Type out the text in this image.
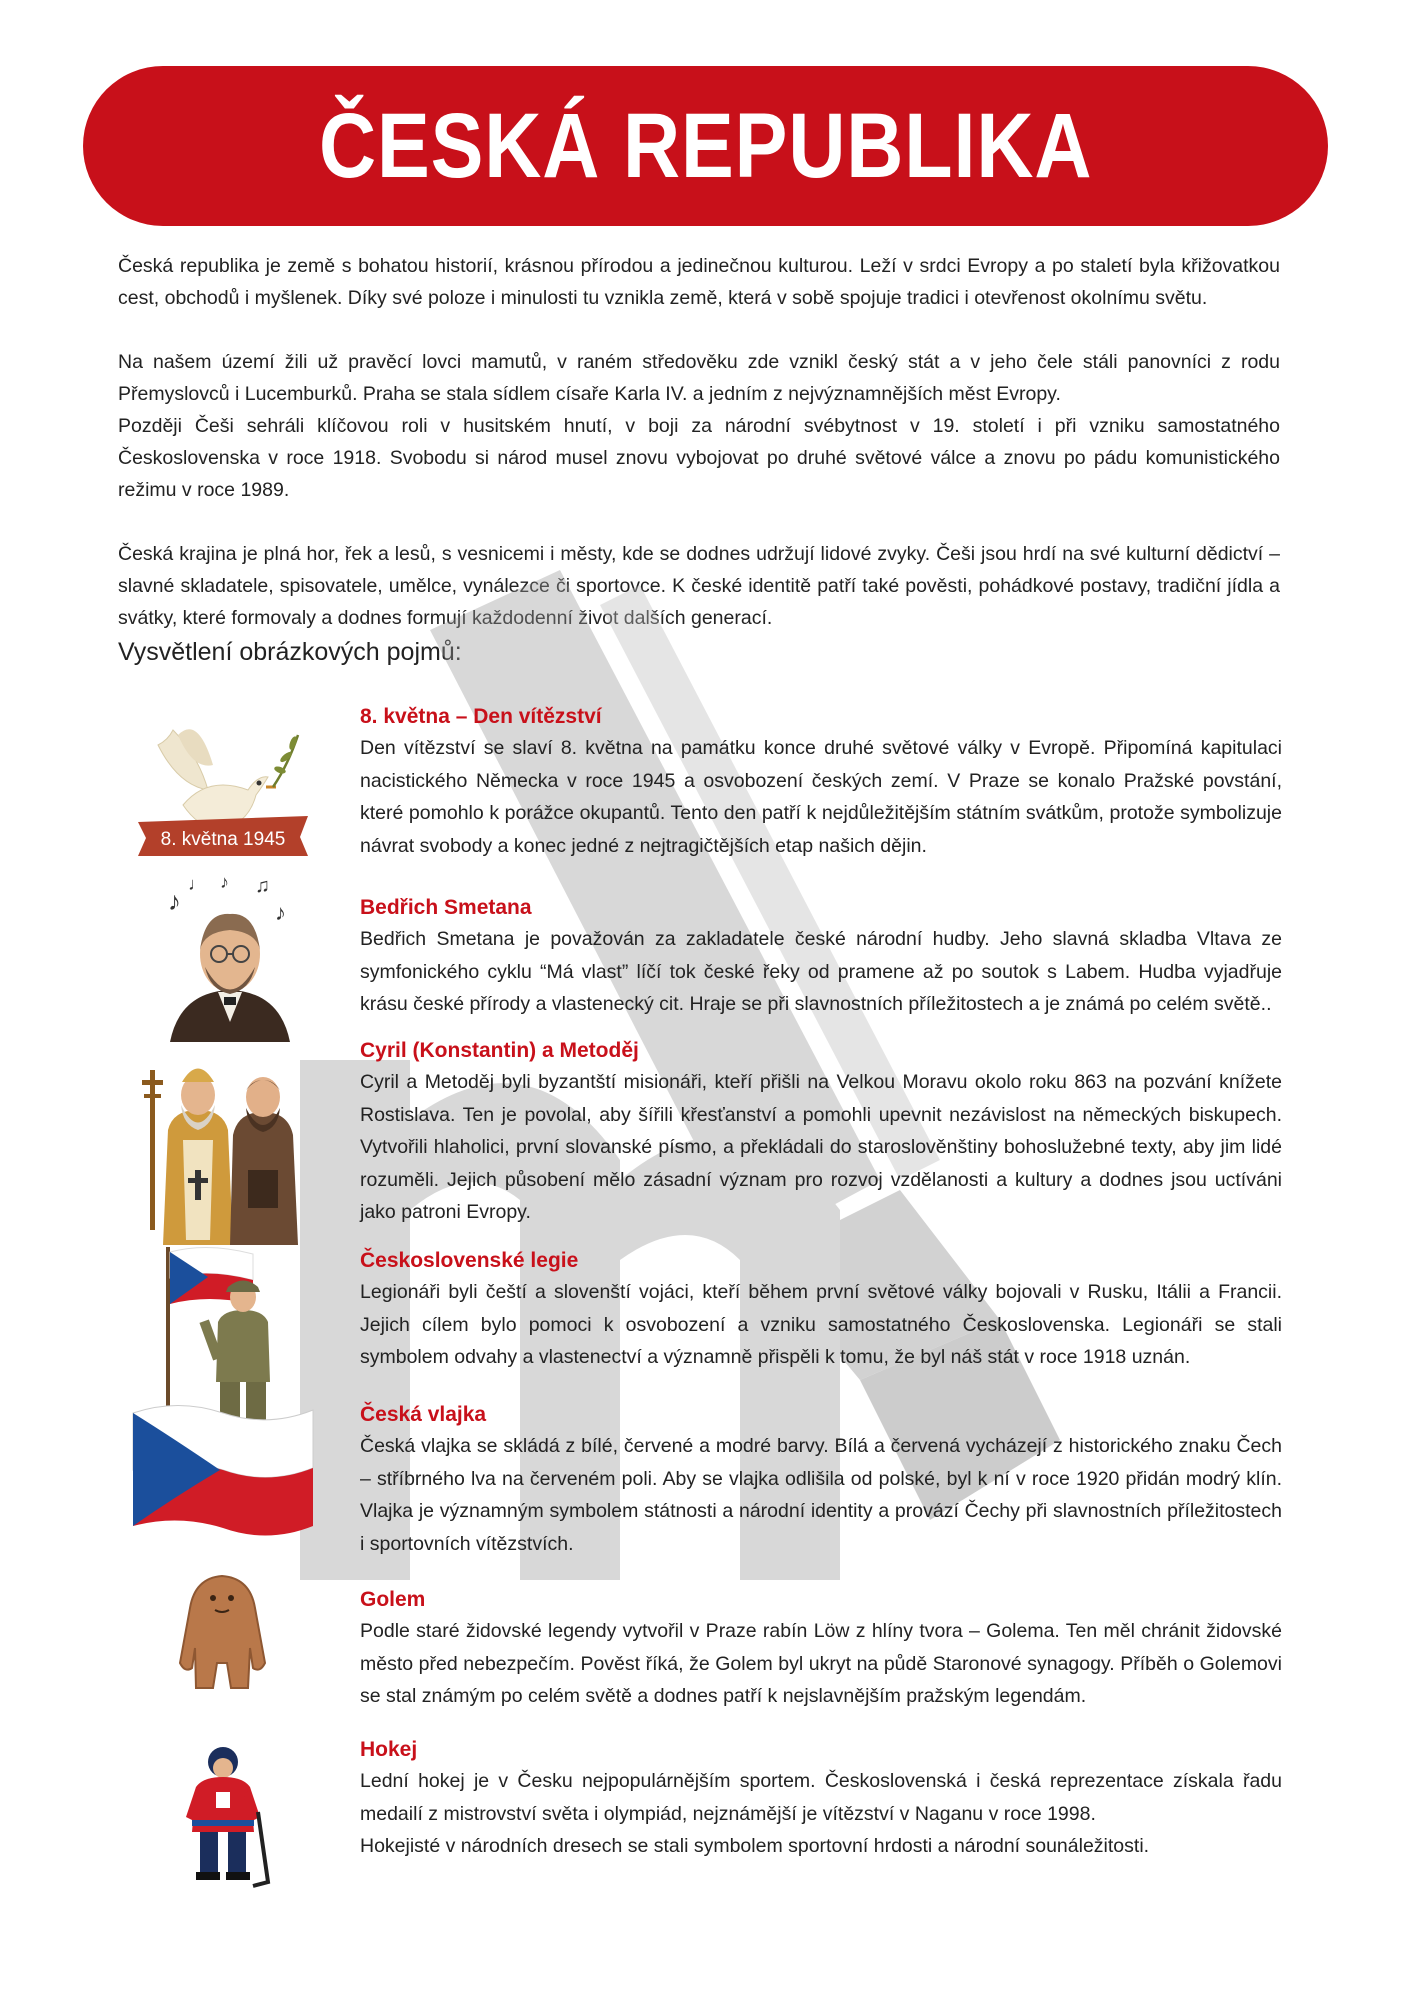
ČESKÁ REPUBLIKA

Česká republika je země s bohatou historií, krásnou přírodou a jedinečnou kulturou. Leží v srdci Evropy a po staletí byla křižovatkou cest, obchodů i myšlenek. Díky své poloze i minulosti tu vznikla země, která v sobě spojuje tradici i otevřenost okolnímu světu.

Na našem území žili už pravěcí lovci mamutů, v raném středověku zde vznikl český stát a v jeho čele stáli panovníci z rodu Přemyslovců i Lucemburků. Praha se stala sídlem císaře Karla IV. a jedním z nejvýznamnějších měst Evropy.

Později Češi sehráli klíčovou roli v husitském hnutí, v boji za národní svébytnost v 19. století i při vzniku samostatného Československa v roce 1918. Svobodu si národ musel znovu vybojovat po druhé světové válce a znovu po pádu komunistického režimu v roce 1989.

Česká krajina je plná hor, řek a lesů, s vesnicemi i městy, kde se dodnes udržují lidové zvyky. Češi jsou hrdí na své kulturní dědictví – slavné skladatele, spisovatele, umělce, vynálezce či sportovce. K české identitě patří také pověsti, pohádkové postavy, tradiční jídla a svátky, které formovaly a dodnes formují každodenní život dalších generací.

Vysvětlení obrázkových pojmů:
8. května 1945
♪
♩ ♪ ♫
♪
8. května – Den vítězství

Den vítězství se slaví 8. května na památku konce druhé světové války v Evropě. Připomíná kapitulaci nacistického Německa v roce 1945 a osvobození českých zemí. V Praze se konalo Pražské povstání, které pomohlo k porážce okupantů. Tento den patří k nejdůležitějším státním svátkům, protože symbolizuje návrat svobody a konec jedné z nejtragičtějších etap našich dějin.

Bedřich Smetana

Bedřich Smetana je považován za zakladatele české národní hudby. Jeho slavná skladba Vltava ze symfonického cyklu “Má vlast” líčí tok české řeky od pramene až po soutok s Labem. Hudba vyjadřuje krásu české přírody a vlastenecký cit. Hraje se při slavnostních příležitostech a je známá po celém světě..

Cyril (Konstantin) a Metoděj

Cyril a Metoděj byli byzantští misionáři, kteří přišli na Velkou Moravu okolo roku 863 na pozvání knížete Rostislava. Ten je povolal, aby šířili křesťanství a pomohli upevnit nezávislost na německých biskupech. Vytvořili hlaholici, první slovanské písmo, a překládali do staroslověnštiny bohoslužebné texty, aby jim lidé rozuměli. Jejich působení mělo zásadní význam pro rozvoj vzdělanosti a kultury a dodnes jsou uctíváni jako patroni Evropy.

Československé legie

Legionáři byli čeští a slovenští vojáci, kteří během první světové války bojovali v Rusku, Itálii a Francii. Jejich cílem bylo pomoci k osvobození a vzniku samostatného Československa. Legionáři se stali symbolem odvahy a vlastenectví a významně přispěli k tomu, že byl náš stát v roce 1918 uznán.

Česká vlajka

Česká vlajka se skládá z bílé, červené a modré barvy. Bílá a červená vycházejí z historického znaku Čech – stříbrného lva na červeném poli. Aby se vlajka odlišila od polské, byl k ní v roce 1920 přidán modrý klín. Vlajka je významným symbolem státnosti a národní identity a provází Čechy při slavnostních příležitostech i sportovních vítězstvích.

Golem

Podle staré židovské legendy vytvořil v Praze rabín Löw z hlíny tvora – Golema. Ten měl chránit židovské město před nebezpečím. Pověst říká, že Golem byl ukryt na půdě Staronové synagogy. Příběh o Golemovi se stal známým po celém světě a dodnes patří k nejslavnějším pražským legendám.

Hokej

Lední hokej je v Česku nejpopulárnějším sportem. Československá i česká reprezentace získala řadu medailí z mistrovství světa i olympiád, nejznámější je vítězství v Naganu v roce 1998.

Hokejisté v národních dresech se stali symbolem sportovní hrdosti a národní sounáležitosti.
